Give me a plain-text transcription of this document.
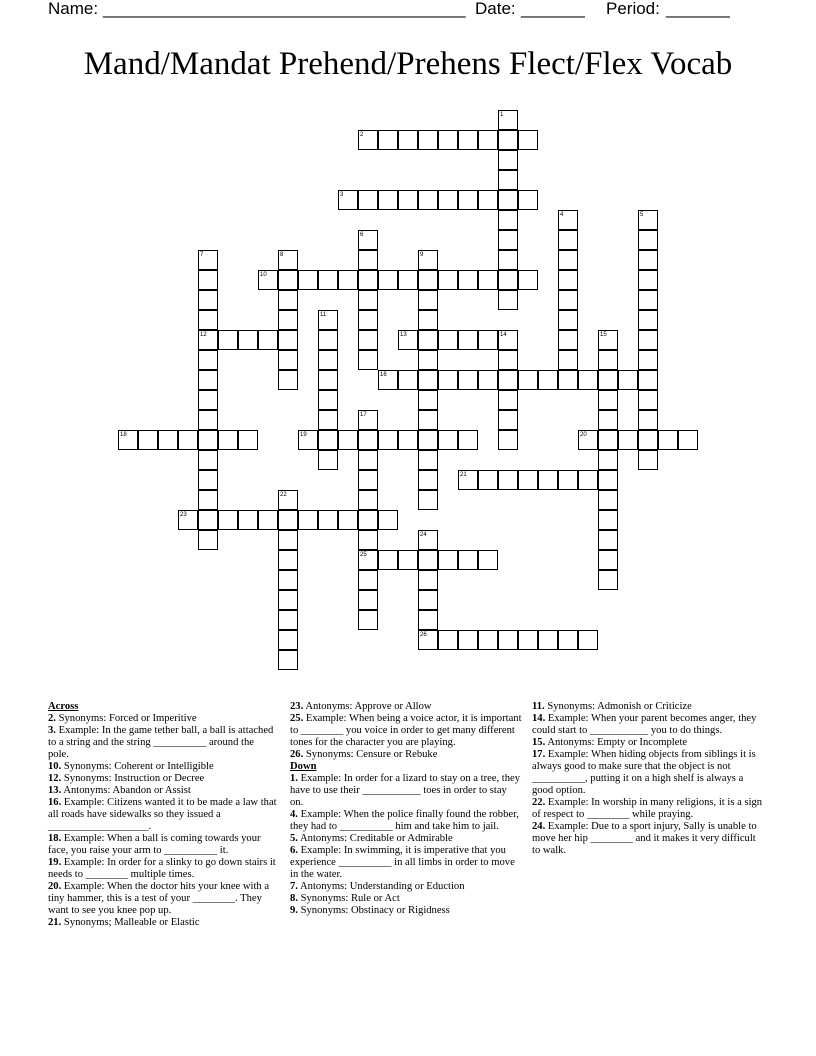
Name: ________________________________________ Date: _______ Period: _______
Mand/Mandat Prehend/Prehens Flect/Flex Vocab
2
3
10
12	13
16
18	19	20
21
23
25
26
1
4	5
6
7	8	9
11
14	15
17
22
24
Across
2. Synonyms: Forced or Imperitive
3. Example: In the game tether ball, a ball is attached to a string and the string __________ around the pole.
10. Synonyms: Coherent or Intelligible
12. Synonyms: Instruction or Decree
13. Antonyms: Abandon or Assist
16. Example: Citizens wanted it to be made a law that all roads have sidewalks so they issued a ___________________.
18. Example: When a ball is coming towards your face, you raise your arm to __________ it.
19. Example: In order for a slinky to go down stairs it needs to ________ multiple times.
20. Example: When the doctor hits your knee with a tiny hammer, this is a test of your ________. They want to see you knee pop up.
21. Synonyms; Malleable or Elastic
23. Antonyms: Approve or Allow
25. Example: When being a voice actor, it is important to ________ you voice in order to get many different tones for the character you are playing.
26. Synonyms: Censure or Rebuke
Down
1. Example: In order for a lizard to stay on a tree, they have to use their ___________ toes in order to stay on.
4. Example: When the police finally found the robber, they had to __________ him and take him to jail.
5. Antonyms: Creditable or Admirable
6. Example: In swimming, it is imperative that you experience __________ in all limbs in order to move in the water.
7. Antonyms: Understanding or Eduction
8. Synonyms: Rule or Act
9. Synonyms: Obstinacy or Rigidness
11. Synonyms: Admonish or Criticize
14. Example: When your parent becomes anger, they could start to ___________ you to do things.
15. Antonyms: Empty or Incomplete
17. Example: When hiding objects from siblings it is always good to make sure that the object is not __________, putting it on a high shelf is always a good option.
22. Example: In worship in many religions, it is a sign of respect to ________ while praying.
24. Example: Due to a sport injury, Sally is unable to move her hip ________ and it makes it very difficult to walk.
